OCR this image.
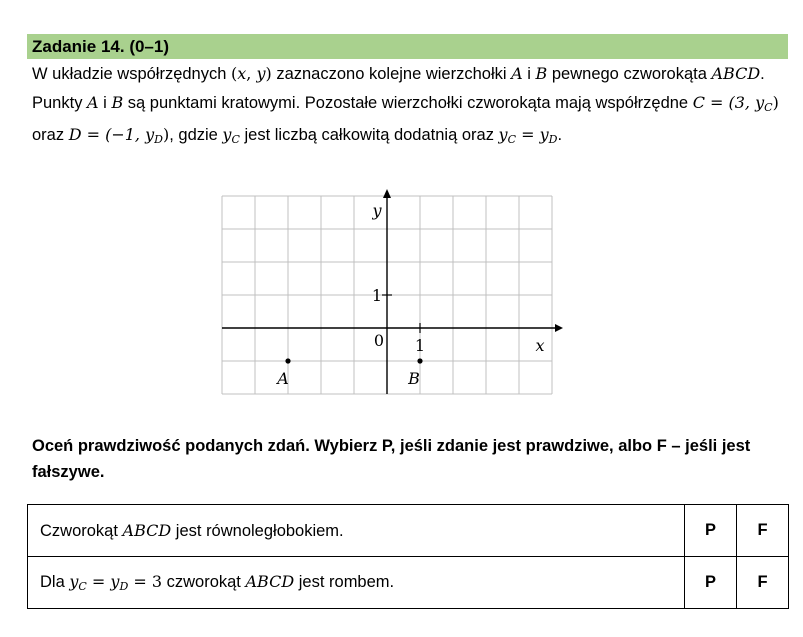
Zadanie 14. (0–1)
W układzie współrzędnych (x, y) zaznaczono kolejne wierzchołki A i B pewnego czworokąta ABCD. Punkty A i B są punktami kratowymi. Pozostałe wierzchołki czworokąta mają współrzędne C = (3, $y_C$) oraz D = (−1, $y_D$), gdzie $y_C$ jest liczbą całkowitą dodatnią oraz $y_C = y_D$.
y
x
0
1
1
A	B
Oceń prawdziwość podanych zdań. Wybierz P, jeśli zdanie jest prawdziwe, albo F – jeśli jest fałszywe.
Czworokąt ABCD jest równoległobokiem.	P	F
Dla $y_C = y_D = 3$ czworokąt ABCD jest rombem.	P	F
